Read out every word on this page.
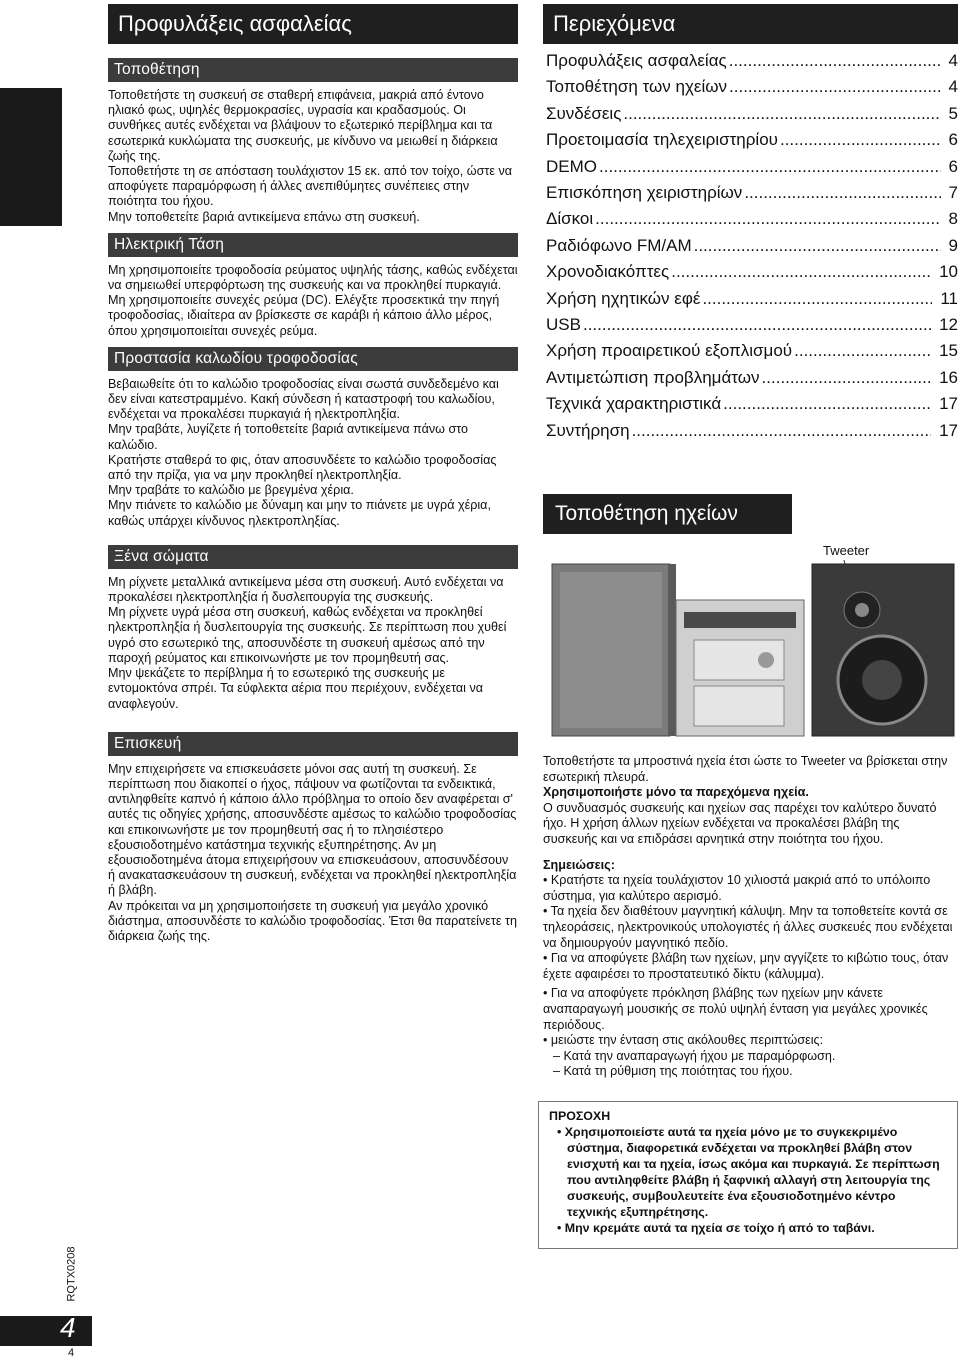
Προφυλάξεις ασφαλείας
Τοποθέτηση

Τοποθετήστε τη συσκευή σε σταθερή επιφάνεια, μακριά από έντονο ηλιακό φως, υψηλές θερμοκρασίες, υγρασία και κραδασμούς. Οι συνθήκες αυτές ενδέχεται να βλάψουν το εξωτερικό περίβλημα και τα εσωτερικά κυκλώματα της συσκευής, με κίνδυνο να μειωθεί η διάρκεια ζωής της.

Τοποθετήστε τη σε απόσταση τουλάχιστον 15 εκ. από τον τοίχο, ώστε να αποφύγετε παραμόρφωση ή άλλες ανεπιθύμητες συνέπειες στην ποιότητα του ήχου.

Μην τοποθετείτε βαριά αντικείμενα επάνω στη συσκευή.

Ηλεκτρική Τάση

Μη χρησιμοποιείτε τροφοδοσία ρεύματος υψηλής τάσης, καθώς ενδέχεται να σημειωθεί υπερφόρτωση της συσκευής και να προκληθεί πυρκαγιά.

Μη χρησιμοποιείτε συνεχές ρεύμα (DC). Ελέγξτε προσεκτικά την πηγή τροφοδοσίας, ιδιαίτερα αν βρίσκεστε σε καράβι ή κάποιο άλλο μέρος, όπου χρησιμοποιείται συνεχές ρεύμα.

Προστασία καλωδίου τροφοδοσίας

Βεβαιωθείτε ότι το καλώδιο τροφοδοσίας είναι σωστά συνδεδεμένο και δεν είναι κατεστραμμένο. Κακή σύνδεση ή καταστροφή του καλωδίου, ενδέχεται να προκαλέσει πυρκαγιά ή ηλεκτροπληξία.

Μην τραβάτε, λυγίζετε ή τοποθετείτε βαριά αντικείμενα πάνω στο καλώδιο.

Κρατήστε σταθερά το φις, όταν αποσυνδέετε το καλώδιο τροφοδοσίας από την πρίζα, για να μην προκληθεί ηλεκτροπληξία.

Μην τραβάτε το καλώδιο με βρεγμένα χέρια.

Μην πιάνετε το καλώδιο με δύναμη και μην το πιάνετε με υγρά χέρια, καθώς υπάρχει κίνδυνος ηλεκτροπληξίας.

Ξένα σώματα

Μη ρίχνετε μεταλλικά αντικείμενα μέσα στη συσκευή. Αυτό ενδέχεται να προκαλέσει ηλεκτροπληξία ή δυσλειτουργία της συσκευής.

Μη ρίχνετε υγρά μέσα στη συσκευή, καθώς ενδέχεται να προκληθεί ηλεκτροπληξία ή δυσλειτουργία της συσκευής. Σε περίπτωση που χυθεί υγρό στο εσωτερικό της, αποσυνδέστε τη συσκευή αμέσως από την παροχή ρεύματος και επικοινωνήστε με τον προμηθευτή σας.

Μην ψεκάζετε το περίβλημα ή το εσωτερικό της συσκευής με εντομοκτόνα σπρέι. Τα εύφλεκτα αέρια που περιέχουν, ενδέχεται να αναφλεγούν.

Επισκευή

Μην επιχειρήσετε να επισκευάσετε μόνοι σας αυτή τη συσκευή. Σε περίπτωση που διακοπεί ο ήχος, πάψουν να φωτίζονται τα ενδεικτικά, αντιληφθείτε καπνό ή κάποιο άλλο πρόβλημα το οποίο δεν αναφέρεται σ' αυτές τις οδηγίες χρήσης, αποσυνδέστε αμέσως το καλώδιο τροφοδοσίας και επικοινωνήστε με τον προμηθευτή σας ή το πλησιέστερο εξουσιοδοτημένο κατάστημα τεχνικής εξυπηρέτησης. Αν μη εξουσιοδοτημένα άτομα επιχειρήσουν να επισκευάσουν, αποσυνδέσουν ή ανακατασκευάσουν τη συσκευή, ενδέχεται να προκληθεί ηλεκτροπληξία ή βλάβη.

Αν πρόκειται να μη χρησιμοποιήσετε τη συσκευή για μεγάλο χρονικό διάστημα, αποσυνδέστε το καλώδιο τροφοδοσίας. Έτσι θα παρατείνετε τη διάρκεια ζωής της.

Περιεχόμενα
Προφυλάξεις ασφαλείας .....	4
Τοποθέτηση των ηχείων .....	4
Συνδέσεις .....	5
Προετοιμασία τηλεχειριστηρίου .....	6
DEMO .....	6
Επισκόπηση χειριστηρίων .....	7
Δίσκοι .....	8
Ραδιόφωνο FM/AM .....	9
Χρονοδιακόπτες .....	10
Χρήση ηχητικών εφέ .....	11
USB .....	12
Χρήση προαιρετικού εξοπλισμού .....	15
Αντιμετώπιση προβλημάτων .....	16
Τεχνικά χαρακτηριστικά .....	17
Συντήρηση .....	17
Τοποθέτηση ηχείων
Tweeter

Τοποθετήστε τα μπροστινά ηχεία έτσι ώστε το Tweeter να βρίσκεται στην εσωτερική πλευρά.

Χρησιμοποιήστε μόνο τα παρεχόμενα ηχεία.

Ο συνδυασμός συσκευής και ηχείων σας παρέχει τον καλύτερο δυνατό ήχο. Η χρήση άλλων ηχείων ενδέχεται να προκαλέσει βλάβη της συσκευής και να επιδράσει αρνητικά στην ποιότητα του ήχου.

Σημειώσεις:

• Κρατήστε τα ηχεία τουλάχιστον 10 χιλιοστά μακριά από το υπόλοιπο σύστημα, για καλύτερο αερισμό.

• Τα ηχεία δεν διαθέτουν μαγνητική κάλυψη. Μην τα τοποθετείτε κοντά σε τηλεοράσεις, ηλεκτρονικούς υπολογιστές ή άλλες συσκευές που ενδέχεται να δημιουργούν μαγνητικό πεδίο.

• Για να αποφύγετε βλάβη των ηχείων, μην αγγίζετε το κιβώτιο τους, όταν έχετε αφαιρέσει το προστατευτικό δίκτυ (κάλυμμα).

• Για να αποφύγετε πρόκληση βλάβης των ηχείων μην κάνετε αναπαραγωγή μουσικής σε πολύ υψηλή ένταση για μεγάλες χρονικές περιόδους.

• μειώστε την ένταση στις ακόλουθες περιπτώσεις:

– Κατά την αναπαραγωγή ήχου με παραμόρφωση.

– Κατά τη ρύθμιση της ποιότητας του ήχου.

ΠΡΟΣΟΧΗ

• Χρησιμοποιείστε αυτά τα ηχεία μόνο με το συγκεκριμένο σύστημα, διαφορετικά ενδέχεται να προκληθεί βλάβη στον ενισχυτή και τα ηχεία, ίσως ακόμα και πυρκαγιά. Σε περίπτωση που αντιληφθείτε βλάβη ή ξαφνική αλλαγή στη λειτουργία της συσκευής, συμβουλευτείτε ένα εξουσιοδοτημένο κέντρο τεχνικής εξυπηρέτησης.

• Μην κρεμάτε αυτά τα ηχεία σε τοίχο ή από το ταβάνι.

RQTX0208
4
4
